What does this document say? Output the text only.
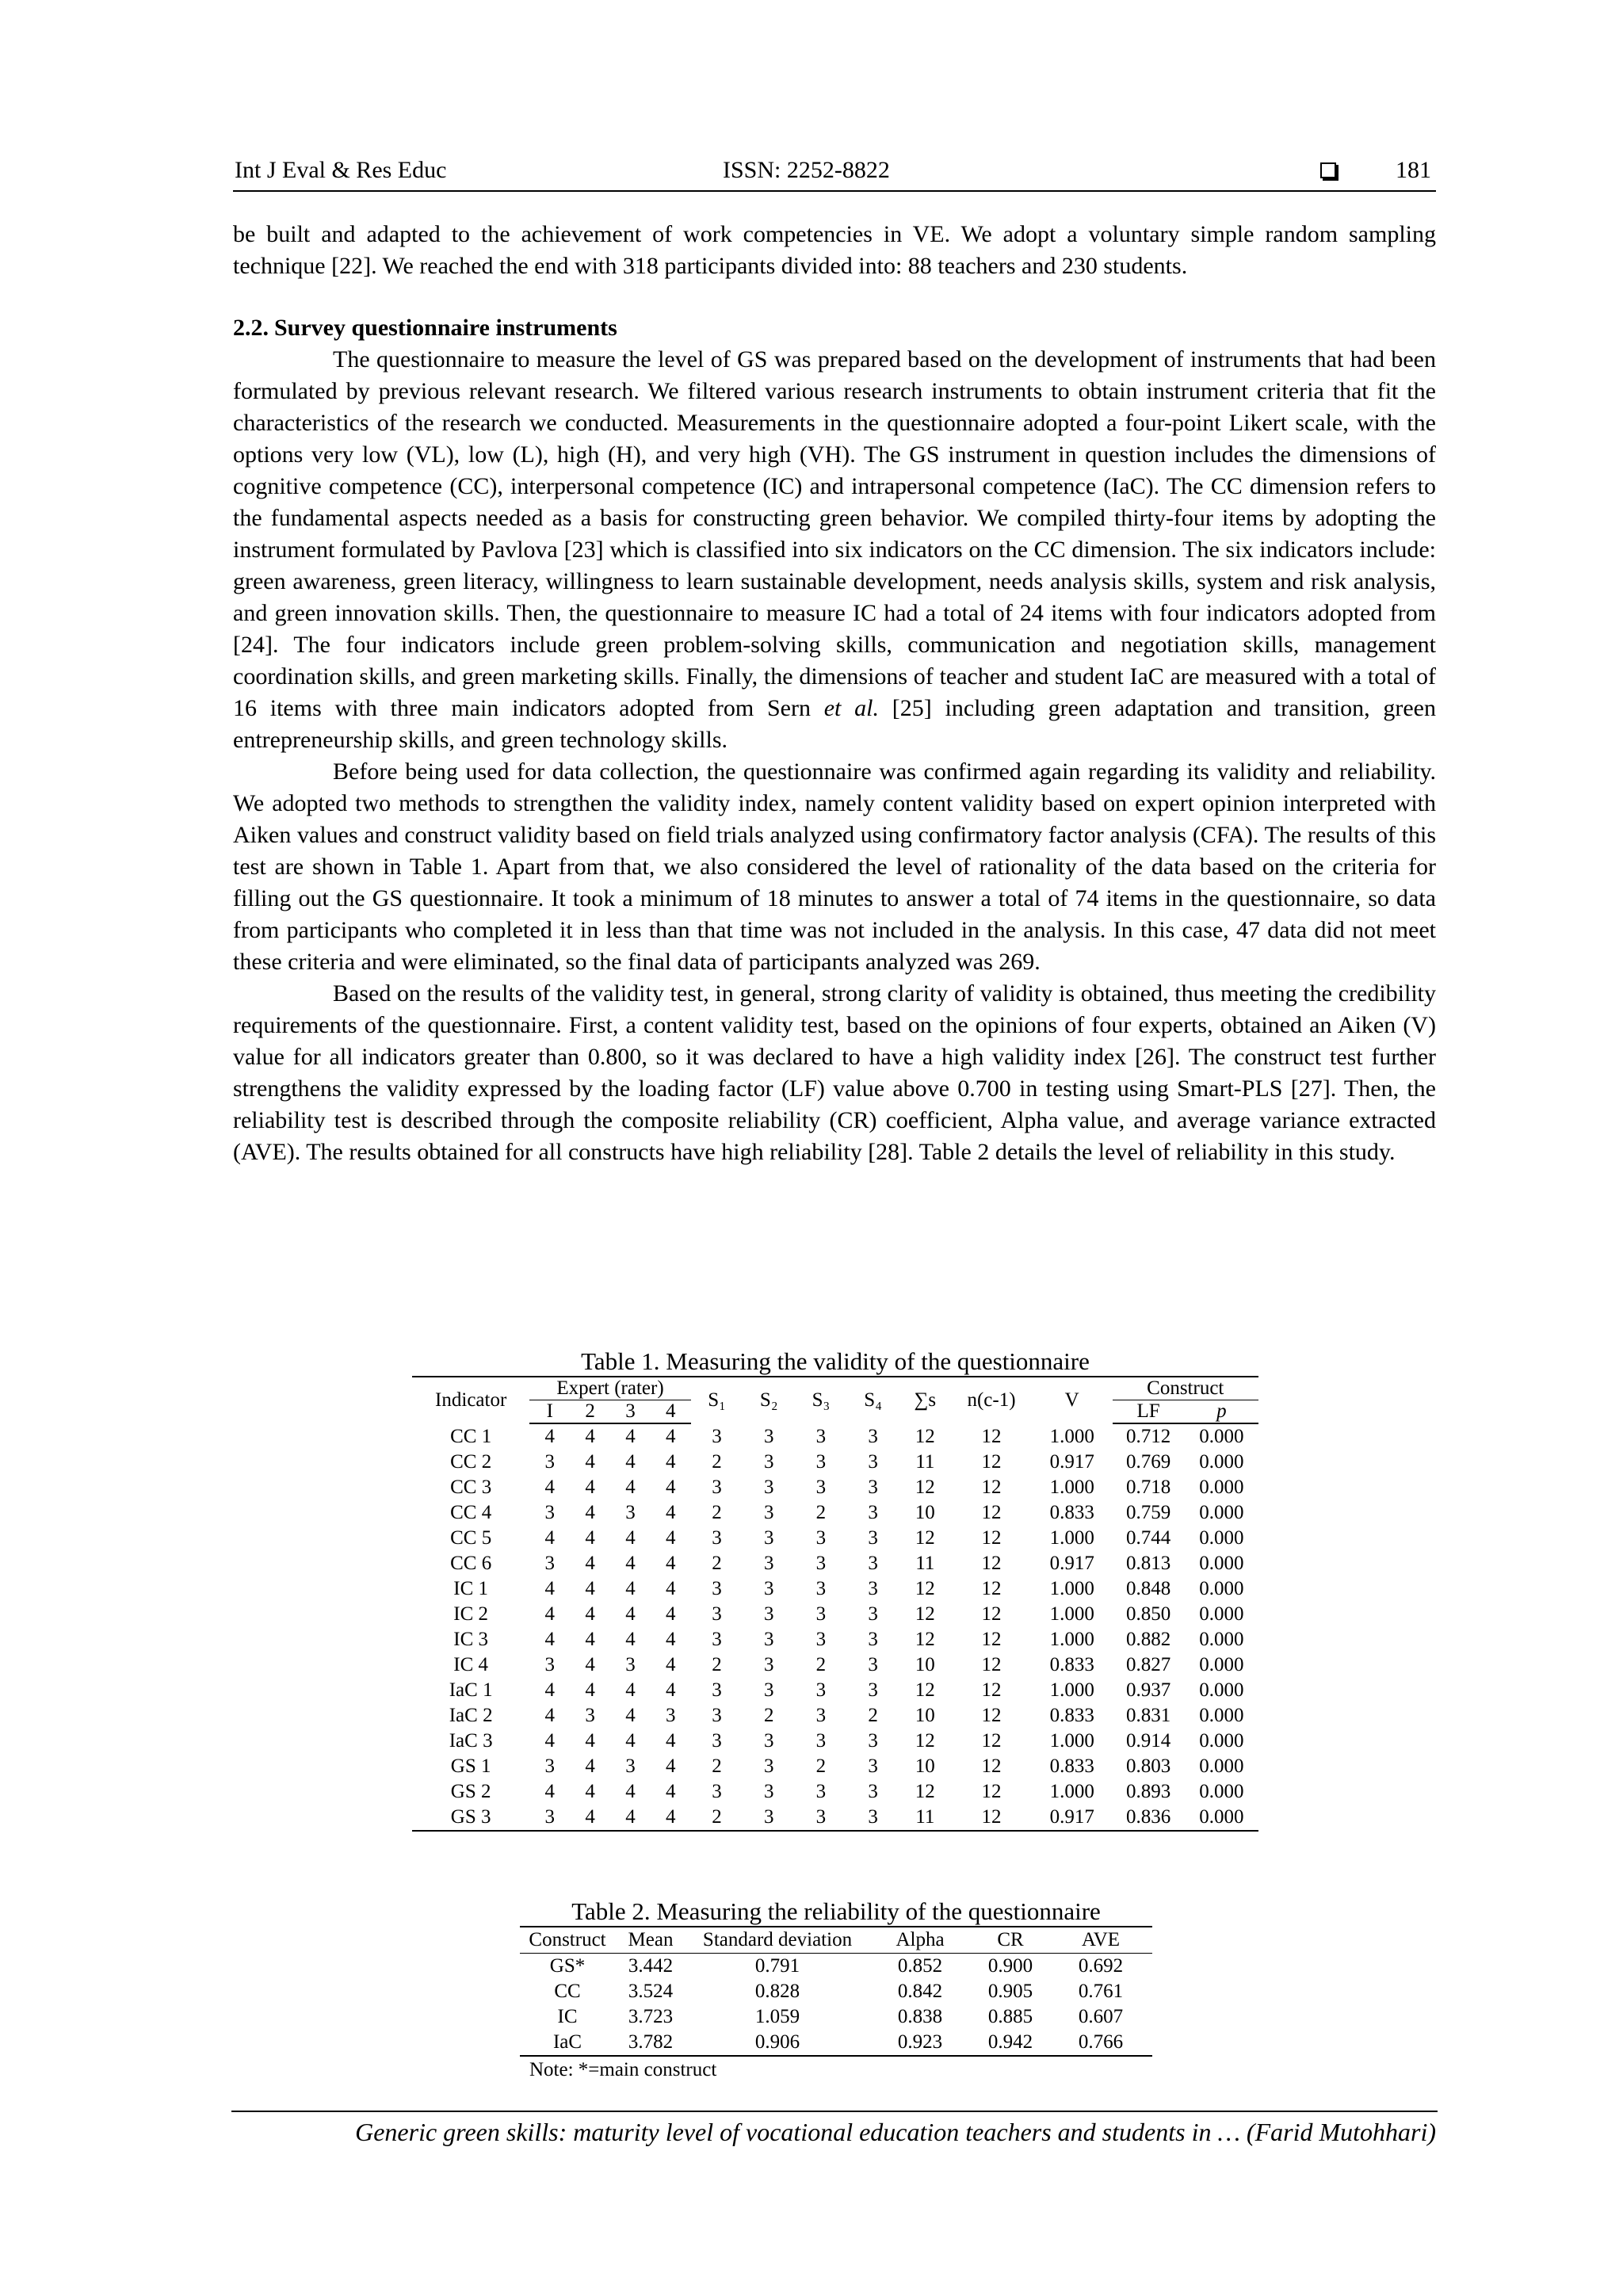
Int J Eval & Res Educ	ISSN: 2252-8822	181

be built and adapted to the achievement of work competencies in VE. We adopt a voluntary simple random sampling technique [22]. We reached the end with 318 participants divided into: 88 teachers and 230 students.

2.2. Survey questionnaire instruments

The questionnaire to measure the level of GS was prepared based on the development of instruments that had been formulated by previous relevant research. We filtered various research instruments to obtain instrument criteria that fit the characteristics of the research we conducted. Measurements in the questionnaire adopted a four-point Likert scale, with the options very low (VL), low (L), high (H), and very high (VH). The GS instrument in question includes the dimensions of cognitive competence (CC), interpersonal competence (IC) and intrapersonal competence (IaC). The CC dimension refers to the fundamental aspects needed as a basis for constructing green behavior. We compiled thirty-four items by adopting the instrument formulated by Pavlova [23] which is classified into six indicators on the CC dimension. The six indicators include: green awareness, green literacy, willingness to learn sustainable development, needs analysis skills, system and risk analysis, and green innovation skills. Then, the questionnaire to measure IC had a total of 24 items with four indicators adopted from [24]. The four indicators include green problem-solving skills, communication and negotiation skills, management coordination skills, and green marketing skills. Finally, the dimensions of teacher and student IaC are measured with a total of 16 items with three main indicators adopted from Sern et al. [25] including green adaptation and transition, green entrepreneurship skills, and green technology skills.

Before being used for data collection, the questionnaire was confirmed again regarding its validity and reliability. We adopted two methods to strengthen the validity index, namely content validity based on expert opinion interpreted with Aiken values and construct validity based on field trials analyzed using confirmatory factor analysis (CFA). The results of this test are shown in Table 1. Apart from that, we also considered the level of rationality of the data based on the criteria for filling out the GS questionnaire. It took a minimum of 18 minutes to answer a total of 74 items in the questionnaire, so data from participants who completed it in less than that time was not included in the analysis. In this case, 47 data did not meet these criteria and were eliminated, so the final data of participants analyzed was 269.

Based on the results of the validity test, in general, strong clarity of validity is obtained, thus meeting the credibility requirements of the questionnaire. First, a content validity test, based on the opinions of four experts, obtained an Aiken (V) value for all indicators greater than 0.800, so it was declared to have a high validity index [26]. The construct test further strengthens the validity expressed by the loading factor (LF) value above 0.700 in testing using Smart-PLS [27]. Then, the reliability test is described through the composite reliability (CR) coefficient, Alpha value, and average variance extracted (AVE). The results obtained for all constructs have high reliability [28]. Table 2 details the level of reliability in this study.

Table 1. Measuring the validity of the questionnaire
Indicator	Expert (rater)				S₁	S₂	S₃	S₄	∑s	n(c-1)	V	Construct	
	I	2	3	4								LF	p
CC 1	4	4	4	4	3	3	3	3	12	12	1.000	0.712	0.000
CC 2	3	4	4	4	2	3	3	3	11	12	0.917	0.769	0.000
CC 3	4	4	4	4	3	3	3	3	12	12	1.000	0.718	0.000
CC 4	3	4	3	4	2	3	2	3	10	12	0.833	0.759	0.000
CC 5	4	4	4	4	3	3	3	3	12	12	1.000	0.744	0.000
CC 6	3	4	4	4	2	3	3	3	11	12	0.917	0.813	0.000
IC 1	4	4	4	4	3	3	3	3	12	12	1.000	0.848	0.000
IC 2	4	4	4	4	3	3	3	3	12	12	1.000	0.850	0.000
IC 3	4	4	4	4	3	3	3	3	12	12	1.000	0.882	0.000
IC 4	3	4	3	4	2	3	2	3	10	12	0.833	0.827	0.000
IaC 1	4	4	4	4	3	3	3	3	12	12	1.000	0.937	0.000
IaC 2	4	3	4	3	3	2	3	2	10	12	0.833	0.831	0.000
IaC 3	4	4	4	4	3	3	3	3	12	12	1.000	0.914	0.000
GS 1	3	4	3	4	2	3	2	3	10	12	0.833	0.803	0.000
GS 2	4	4	4	4	3	3	3	3	12	12	1.000	0.893	0.000
GS 3	3	4	4	4	2	3	3	3	11	12	0.917	0.836	0.000
Table 2. Measuring the reliability of the questionnaire
Construct	Mean	Standard deviation	Alpha	CR	AVE
GS*	3.442	0.791	0.852	0.900	0.692
CC	3.524	0.828	0.842	0.905	0.761
IC	3.723	1.059	0.838	0.885	0.607
IaC	3.782	0.906	0.923	0.942	0.766
Note: *=main construct
Generic green skills: maturity level of vocational education teachers and students in … (Farid Mutohhari)
